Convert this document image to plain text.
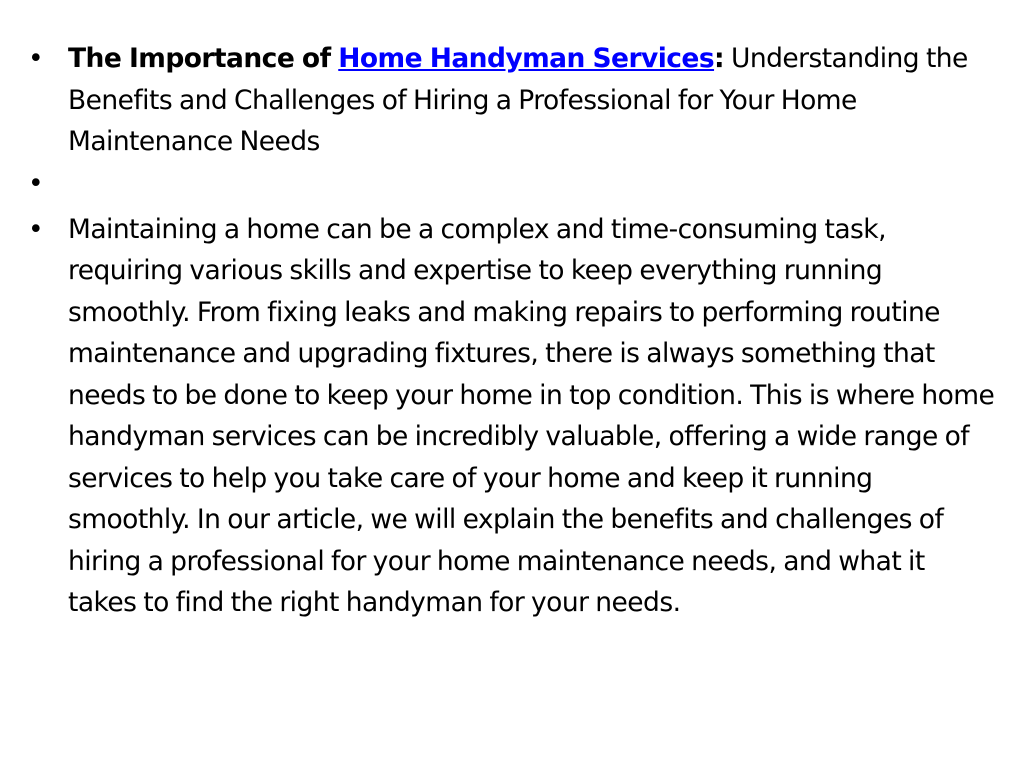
• The Importance of Home Handyman Services: Understanding the Benefits and Challenges of Hiring a Professional for Your Home Maintenance Needs
•
• Maintaining a home can be a complex and time-consuming task, requiring various skills and expertise to keep everything running smoothly. From fixing leaks and making repairs to performing routine maintenance and upgrading fixtures, there is always something that needs to be done to keep your home in top condition. This is where home handyman services can be incredibly valuable, offering a wide range of services to help you take care of your home and keep it running smoothly. In our article, we will explain the benefits and challenges of hiring a professional for your home maintenance needs, and what it takes to find the right handyman for your needs.
